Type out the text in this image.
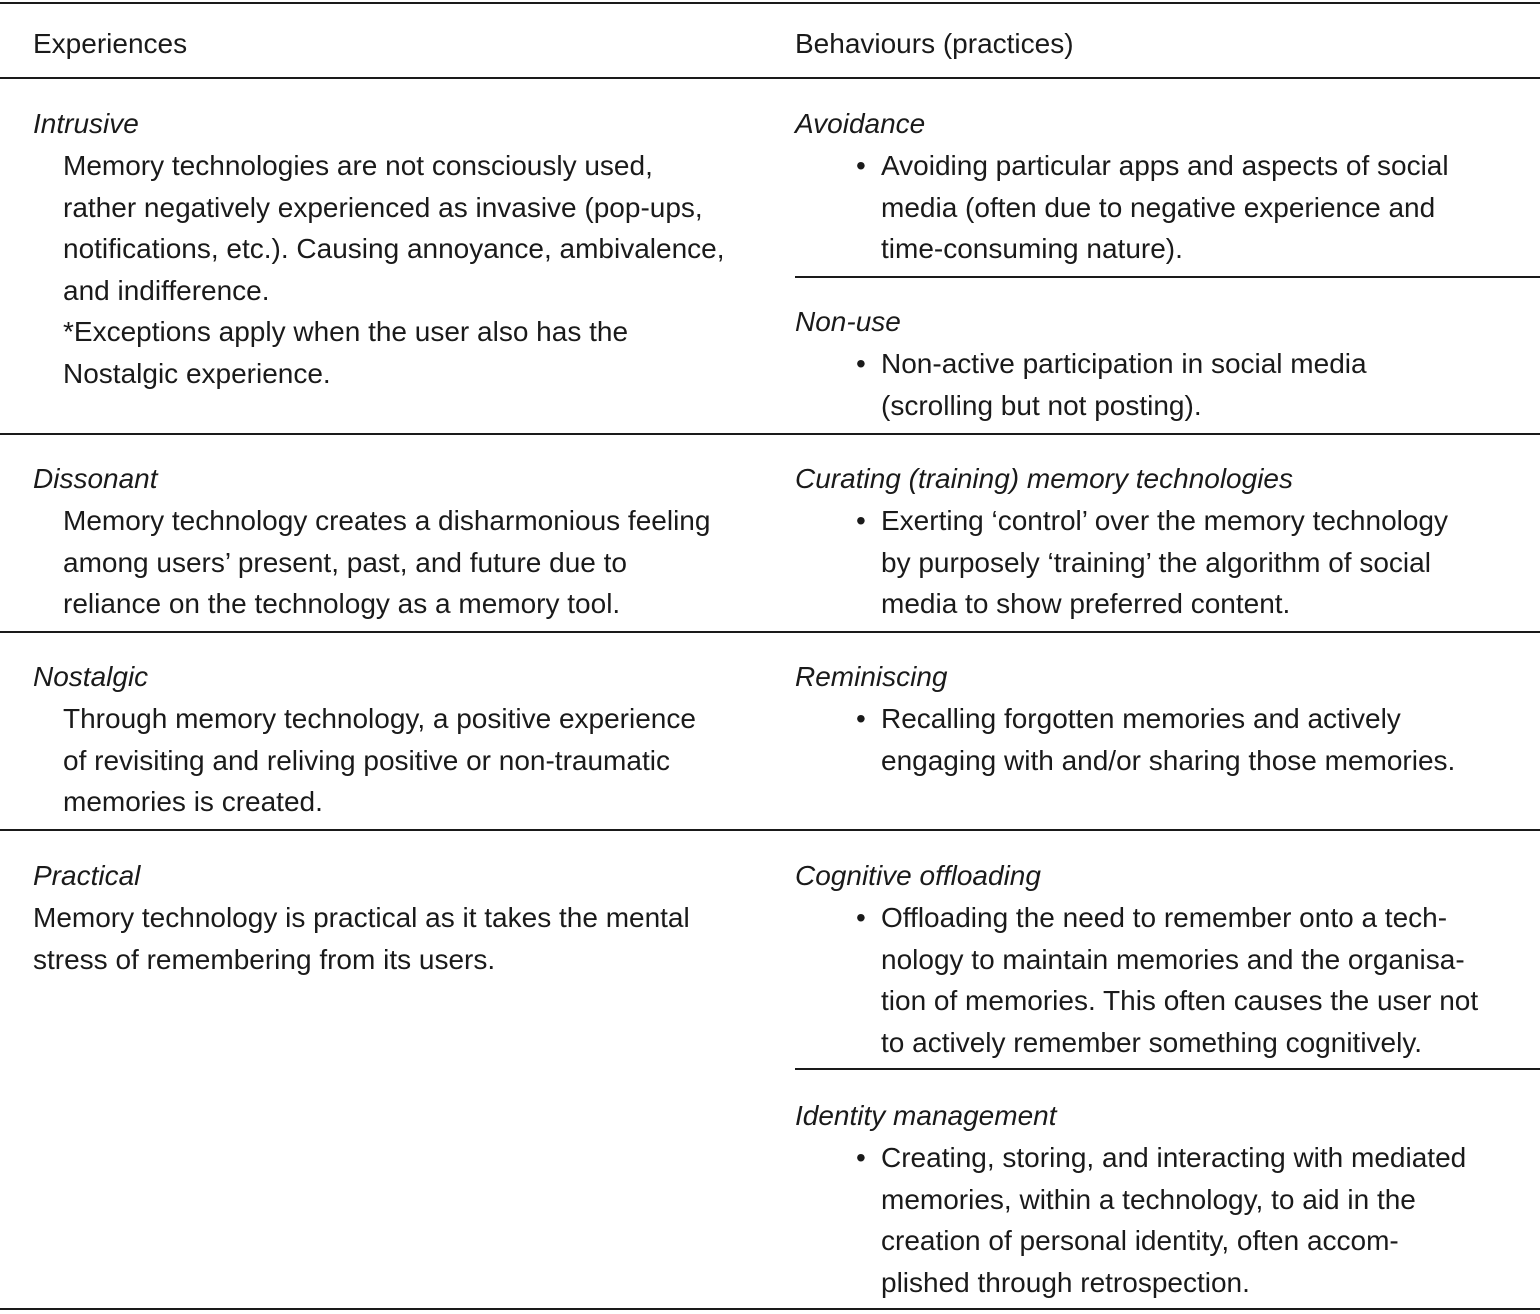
Experiences	Behaviours (practices)
Intrusive
Memory technologies are not consciously used,
rather negatively experienced as invasive (pop-ups,
notifications, etc.). Causing annoyance, ambivalence,
and indifference.
*Exceptions apply when the user also has the
Nostalgic experience.
Avoidance
• Avoiding particular apps and aspects of social
media (often due to negative experience and
time-consuming nature).
Non-use
• Non-active participation in social media
(scrolling but not posting).
Dissonant
Memory technology creates a disharmonious feeling
among users’ present, past, and future due to
reliance on the technology as a memory tool.
Curating (training) memory technologies
• Exerting ‘control’ over the memory technology
by purposely ‘training’ the algorithm of social
media to show preferred content.
Nostalgic
Through memory technology, a positive experience
of revisiting and reliving positive or non-traumatic
memories is created.
Reminiscing
• Recalling forgotten memories and actively
engaging with and/or sharing those memories.
Practical
Memory technology is practical as it takes the mental
stress of remembering from its users.
Cognitive offloading
• Offloading the need to remember onto a tech-
nology to maintain memories and the organisa-
tion of memories. This often causes the user not
to actively remember something cognitively.
Identity management
• Creating, storing, and interacting with mediated
memories, within a technology, to aid in the
creation of personal identity, often accom-
plished through retrospection.
